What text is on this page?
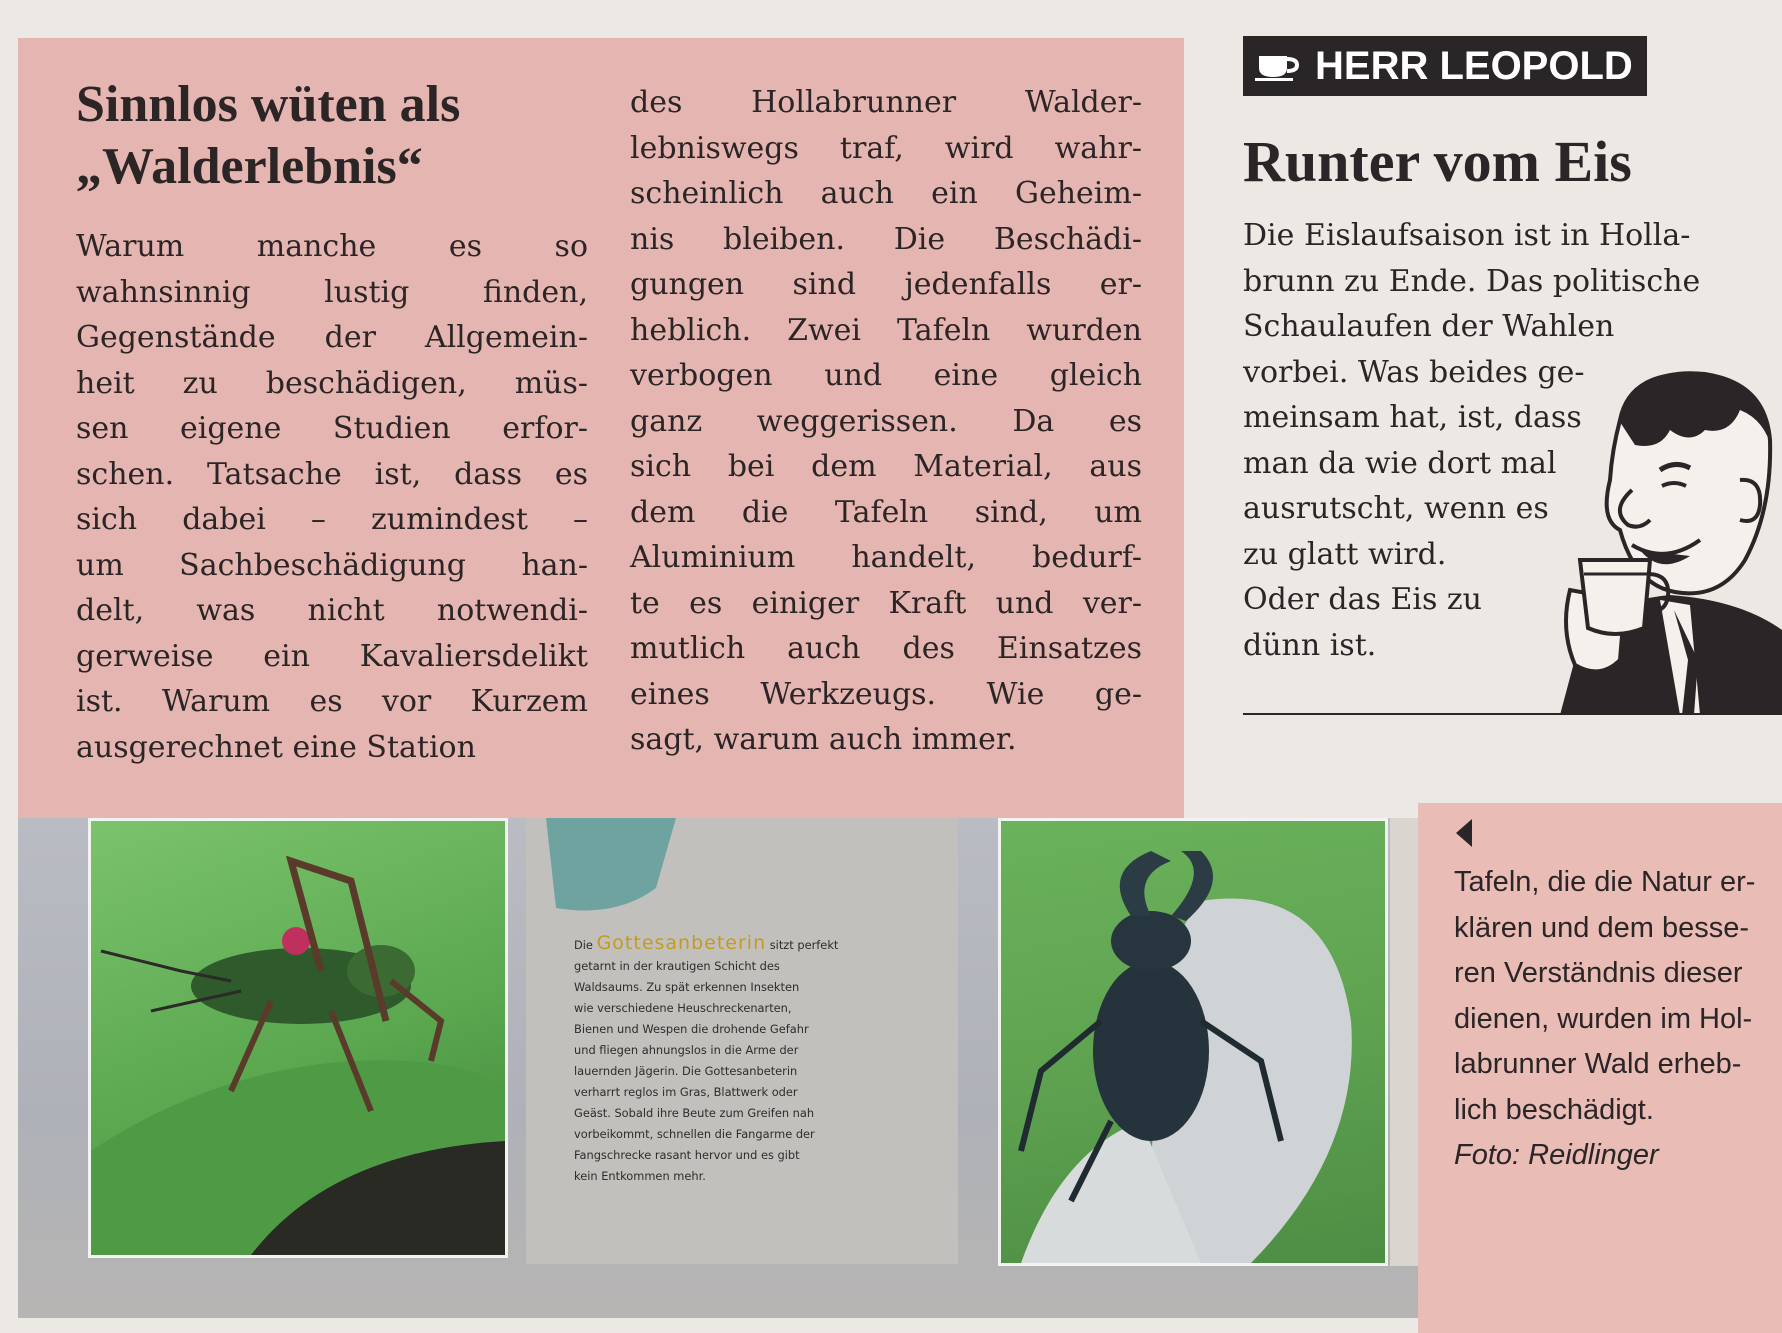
Sinnlos wüten als
„Walderlebnis“

Warum manche es so
wahnsinnig lustig finden,
Gegenstände der Allgemein-
heit zu beschädigen, müs-
sen eigene Studien erfor-
schen. Tatsache ist, dass es
sich dabei – zumindest –
um Sachbeschädigung han-
delt, was nicht notwendi-
gerweise ein Kavaliersdelikt
ist. Warum es vor Kurzem
ausgerechnet eine Station

des Hollabrunner Walder-
lebniswegs traf, wird wahr-
scheinlich auch ein Geheim-
nis bleiben. Die Beschädi-
gungen sind jedenfalls er-
heblich. Zwei Tafeln wurden
verbogen und eine gleich
ganz weggerissen. Da es
sich bei dem Material, aus
dem die Tafeln sind, um
Aluminium handelt, bedurf-
te es einiger Kraft und ver-
mutlich auch des Einsatzes
eines Werkzeugs. Wie ge-
sagt, warum auch immer.

HERR LEOPOLD
Runter vom Eis

Die Eislaufsaison ist in Holla-
brunn zu Ende. Das politische
Schaulaufen der Wahlen
vorbei. Was beides ge-
meinsam hat, ist, dass
man da wie dort mal
ausrutscht, wenn es
zu glatt wird.
Oder das Eis zu
dünn ist.

Die Gottesanbeterin sitzt perfekt
getarnt in der krautigen Schicht des
Waldsaums. Zu spät erkennen Insekten
wie verschiedene Heuschreckenarten,
Bienen und Wespen die drohende Gefahr
und fliegen ahnungslos in die Arme der
lauernden Jägerin. Die Gottesanbeterin
verharrt reglos im Gras, Blattwerk oder
Geäst. Sobald ihre Beute zum Greifen nah
vorbeikommt, schnellen die Fangarme der
Fangschrecke rasant hervor und es gibt
kein Entkommen mehr.

Tafeln, die die Natur er-
klären und dem besse-
ren Verständnis dieser
dienen, wurden im Hol-
labrunner Wald erheb-
lich beschädigt.
Foto: Reidlinger
